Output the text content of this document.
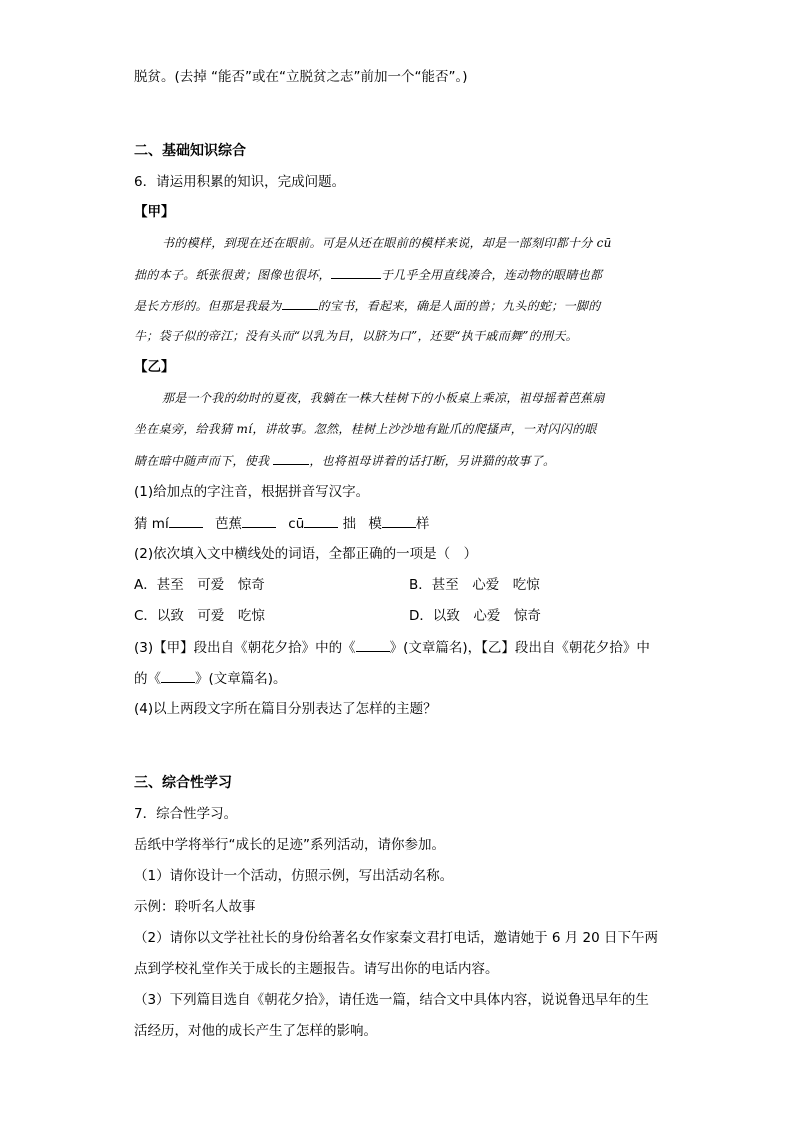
脱贫。(去掉 “能否”或在“立脱贫之志”前加一个“能否”。)
二、基础知识综合
6．请运用积累的知识，完成问题。
【甲】
书的模样，到现在还在眼前。可是从还在眼前的模样来说，却是一部刻印都十分 cū
拙的本子。纸张很黄；图像也很坏，	于几乎全用直线凑合，连动物的眼睛也都
是长方形的。但那是我最为	的宝书，看起来，确是人面的兽；九头的蛇；一脚的
牛；袋子似的帝江；没有头而“以乳为目，以脐为口”，还要“执干戚而舞”的刑天。
【乙】
那是一个我的幼时的夏夜，我躺在一株大桂树下的小板桌上乘凉，祖母摇着芭蕉扇
坐在桌旁，给我猜 mí，讲故事。忽然，桂树上沙沙地有趾爪的爬搔声，一对闪闪的眼
睛在暗中随声而下，使我	，也将祖母讲着的话打断，另讲猫的故事了。
(1)给加点的字注音，根据拼音写汉字。
猜 mí	芭蕉	cū	拙 模	样
(2)依次填入文中横线处的词语，全都正确的一项是（　）
A．甚至　可爱　惊奇	B．甚至　心爱　吃惊
C．以致　可爱　吃惊	D．以致　心爱　惊奇
(3)【甲】段出自《朝花夕拾》中的《	》(文章篇名)，【乙】段出自《朝花夕拾》中
的《	》(文章篇名)。
(4)以上两段文字所在篇目分别表达了怎样的主题？
三、综合性学习
7．综合性学习。
岳纸中学将举行“成长的足迹”系列活动，请你参加。
（1）请你设计一个活动，仿照示例，写出活动名称。
示例：聆听名人故事
（2）请你以文学社社长的身份给著名女作家秦文君打电话，邀请她于 6 月 20 日下午两
点到学校礼堂作关于成长的主题报告。请写出你的电话内容。
（3）下列篇目选自《朝花夕拾》，请任选一篇，结合文中具体内容，说说鲁迅早年的生
活经历，对他的成长产生了怎样的影响。
